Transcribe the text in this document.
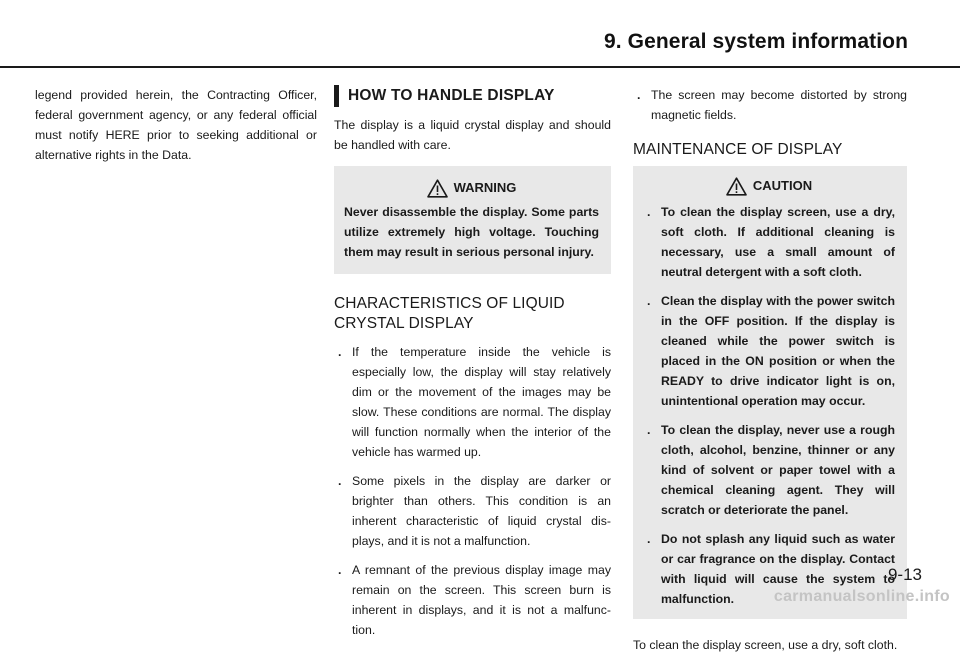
9. General system information

legend provided herein, the Contracting Officer, federal government agency, or any federal official must notify HERE prior to seeking additional or alternative rights in the Data.

HOW TO HANDLE DISPLAY

The display is a liquid crystal display and should be handled with care.

WARNING

Never disassemble the display. Some parts utilize extremely high voltage. Touching them may result in serious personal injury.

CHARACTERISTICS OF LIQUID
CRYSTAL DISPLAY
. If the temperature inside the vehicle is especially low, the display will stay relatively dim or the movement of the images may be slow. These conditions are normal. The display will function normally when the interior of the vehicle has warmed up.
. Some pixels in the display are darker or brighter than others. This condition is an inherent characteristic of liquid crystal dis- plays, and it is not a malfunction.
. A remnant of the previous display image may remain on the screen. This screen burn is inherent in displays, and it is not a malfunc- tion.
. The screen may become distorted by strong magnetic fields.
MAINTENANCE OF DISPLAY
CAUTION
. To clean the display screen, use a dry, soft cloth. If additional cleaning is necessary, use a small amount of neutral detergent with a soft cloth.
. Clean the display with the power switch in the OFF position. If the display is cleaned while the power switch is placed in the ON position or when the READY to drive indicator light is on, unintentional operation may occur.
. To clean the display, never use a rough cloth, alcohol, benzine, thinner or any kind of solvent or paper towel with a chemical cleaning agent. They will scratch or deteriorate the panel.
. Do not splash any liquid such as water or car fragrance on the display. Contact with liquid will cause the system to malfunction.

To clean the display screen, use a dry, soft cloth.

9-13
carmanualsonline.info
